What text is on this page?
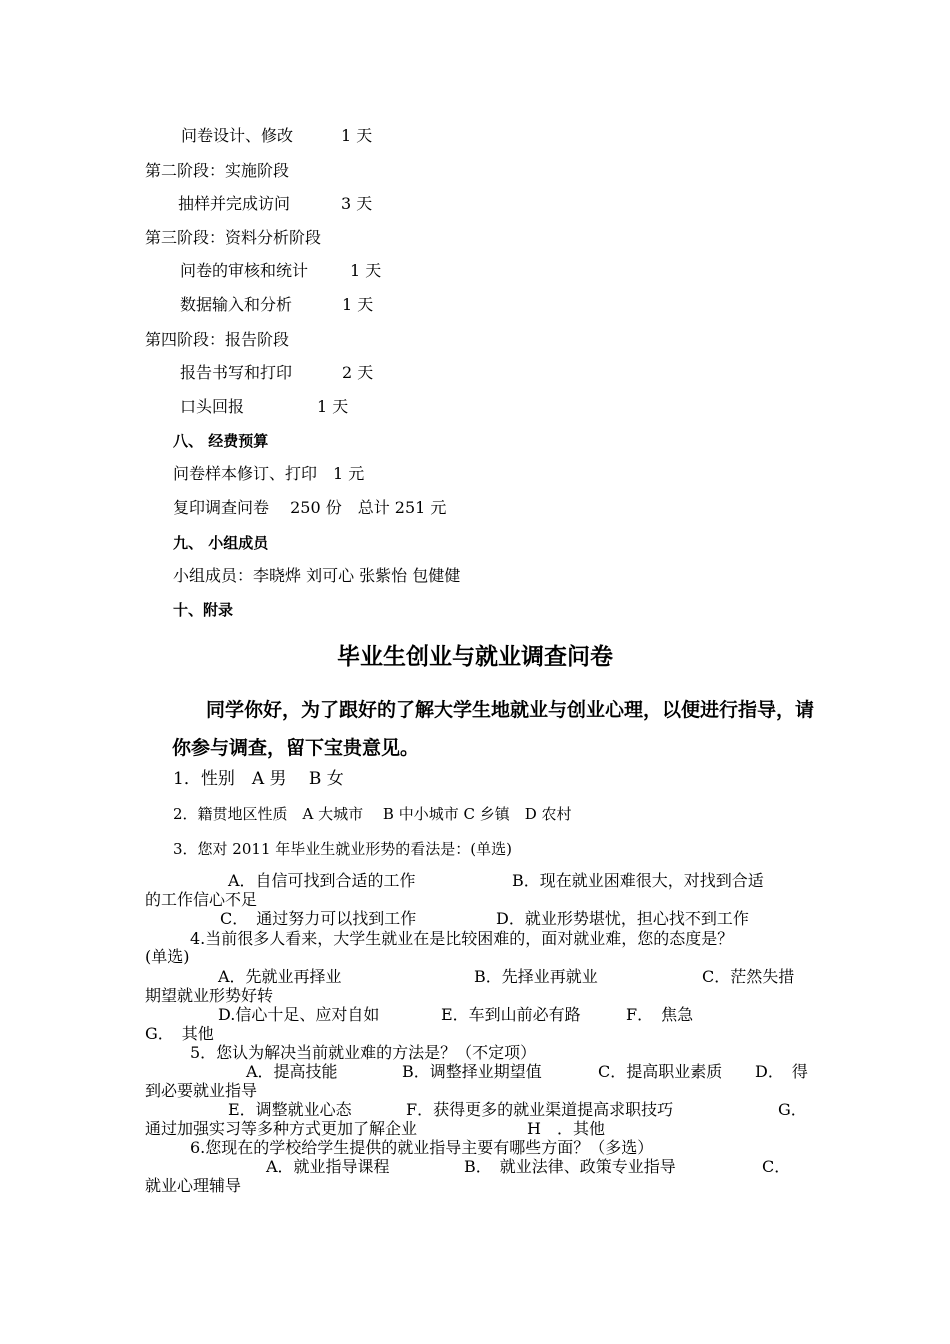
问卷设计、修改	1 天
第二阶段：实施阶段
抽样并完成访问	3 天
第三阶段：资料分析阶段
问卷的审核和统计	1 天
数据输入和分析	1 天
第四阶段：报告阶段
报告书写和打印	2 天
口头回报	1 天
八、 经费预算
问卷样本修订、打印　1 元
复印调查问卷　 250 份　总计 251 元
九、 小组成员
小组成员：李晓烨 刘可心 张紫怡 包健健
十、附录
毕业生创业与就业调查问卷
同学你好，为了跟好的了解大学生地就业与创业心理，以便进行指导，请你参与调查，留下宝贵意见。
1．性别　A 男　 B 女
2．籍贯地区性质　A 大城市　 B 中小城市 C 乡镇　D 农村
3．您对 2011 年毕业生就业形势的看法是：(单选)
A．自信可找到合适的工作	B．现在就业困难很大，对找到合适
的工作信心不足
C．　通过努力可以找到工作	D．就业形势堪忧，担心找不到工作
4.当前很多人看来，大学生就业在是比较困难的，面对就业难，您的态度是？
(单选)
A．先就业再择业	B．先择业再就业	C．茫然失措
期望就业形势好转
D.信心十足、应对自如	E．车到山前必有路	F．　焦急
G．　其他
5．您认为解决当前就业难的方法是？（不定项）
A．提高技能	B．调整择业期望值	C．提高职业素质 D．　得
到必要就业指导
E．调整就业心态	F．获得更多的就业渠道提高求职技巧	G．
通过加强实习等多种方式更加了解企业	H　．其他
6.您现在的学校给学生提供的就业指导主要有哪些方面？（多选）
A．就业指导课程	B．　就业法律、政策专业指导	C．
就业心理辅导
